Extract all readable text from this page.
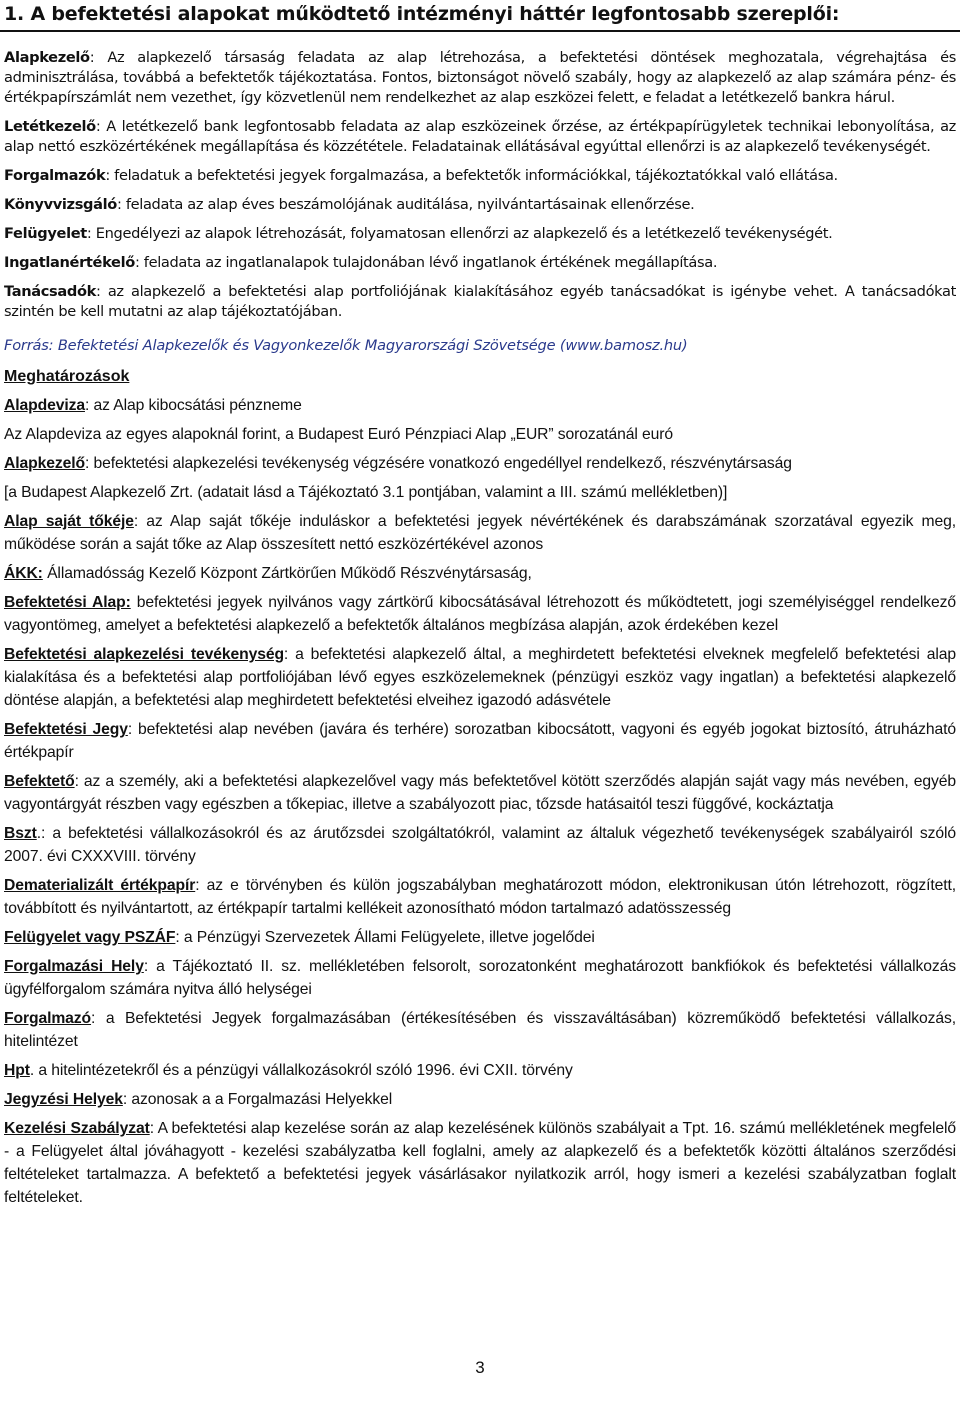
1. A befektetési alapokat működtető intézményi háttér legfontosabb szereplői:

Alapkezelő: Az alapkezelő társaság feladata az alap létrehozása, a befektetési döntések meghozatala, végrehajtása és adminisztrálása, továbbá a befektetők tájékoztatása. Fontos, biztonságot növelő szabály, hogy az alapkezelő az alap számára pénz- és értékpapírszámlát nem vezethet, így közvetlenül nem rendelkezhet az alap eszközei felett, e feladat a letétkezelő bankra hárul.

Letétkezelő: A letétkezelő bank legfontosabb feladata az alap eszközeinek őrzése, az értékpapírügyletek technikai lebonyolítása, az alap nettó eszközértékének megállapítása és közzététele. Feladatainak ellátásával egyúttal ellenőrzi is az alapkezelő tevékenységét.

Forgalmazók: feladatuk a befektetési jegyek forgalmazása, a befektetők információkkal, tájékoztatókkal való ellátása.

Könyvvizsgáló: feladata az alap éves beszámolójának auditálása, nyilvántartásainak ellenőrzése.

Felügyelet: Engedélyezi az alapok létrehozását, folyamatosan ellenőrzi az alapkezelő és a letétkezelő tevékenységét.

Ingatlanértékelő: feladata az ingatlanalapok tulajdonában lévő ingatlanok értékének megállapítása.

Tanácsadók: az alapkezelő a befektetési alap portfoliójának kialakításához egyéb tanácsadókat is igénybe vehet. A tanácsadókat szintén be kell mutatni az alap tájékoztatójában.

Forrás: Befektetési Alapkezelők és Vagyonkezelők Magyarországi Szövetsége (www.bamosz.hu)
Meghatározások

Alapdeviza: az Alap kibocsátási pénzneme

Az Alapdeviza az egyes alapoknál forint, a Budapest Euró Pénzpiaci Alap „EUR” sorozatánál euró

Alapkezelő: befektetési alapkezelési tevékenység végzésére vonatkozó engedéllyel rendelkező, részvénytársaság

[a Budapest Alapkezelő Zrt. (adatait lásd a Tájékoztató 3.1 pontjában, valamint a III. számú mellékletben)]

Alap saját tőkéje: az Alap saját tőkéje induláskor a befektetési jegyek névértékének és darabszámának szorzatával egyezik meg, működése során a saját tőke az Alap összesített nettó eszközértékével azonos

ÁKK: Államadósság Kezelő Központ Zártkörűen Működő Részvénytársaság,

Befektetési Alap: befektetési jegyek nyilvános vagy zártkörű kibocsátásával létrehozott és működtetett, jogi személyiséggel rendelkező vagyontömeg, amelyet a befektetési alapkezelő a befektetők általános megbízása alapján, azok érdekében kezel

Befektetési alapkezelési tevékenység: a befektetési alapkezelő által, a meghirdetett befektetési elveknek megfelelő befektetési alap kialakítása és a befektetési alap portfoliójában lévő egyes eszközelemeknek (pénzügyi eszköz vagy ingatlan) a befektetési alapkezelő döntése alapján, a befektetési alap meghirdetett befektetési elveihez igazodó adásvétele

Befektetési Jegy: befektetési alap nevében (javára és terhére) sorozatban kibocsátott, vagyoni és egyéb jogokat biztosító, átruházható értékpapír

Befektető: az a személy, aki a befektetési alapkezelővel vagy más befektetővel kötött szerződés alapján saját vagy más nevében, egyéb vagyontárgyát részben vagy egészben a tőkepiac, illetve a szabályozott piac, tőzsde hatásaitól teszi függővé, kockáztatja

Bszt.: a befektetési vállalkozásokról és az árutőzsdei szolgáltatókról, valamint az általuk végezhető tevékenységek szabályairól szóló 2007. évi CXXXVIII. törvény

Dematerializált értékpapír: az e törvényben és külön jogszabályban meghatározott módon, elektronikusan útón létrehozott, rögzített, továbbított és nyilvántartott, az értékpapír tartalmi kellékeit azonosítható módon tartalmazó adatösszesség

Felügyelet vagy PSZÁF: a Pénzügyi Szervezetek Állami Felügyelete, illetve jogelődei

Forgalmazási Hely: a Tájékoztató II. sz. mellékletében felsorolt, sorozatonként meghatározott bankfiókok és befektetési vállalkozás ügyfélforgalom számára nyitva álló helységei

Forgalmazó: a Befektetési Jegyek forgalmazásában (értékesítésében és visszaváltásában) közreműködő befektetési vállalkozás, hitelintézet

Hpt. a hitelintézetekről és a pénzügyi vállalkozásokról szóló 1996. évi CXII. törvény

Jegyzési Helyek: azonosak a a Forgalmazási Helyekkel

Kezelési Szabályzat: A befektetési alap kezelése során az alap kezelésének különös szabályait a Tpt. 16. számú mellékletének megfelelő - a Felügyelet által jóváhagyott - kezelési szabályzatba kell foglalni, amely az alapkezelő és a befektetők közötti általános szerződési feltételeket tartalmazza. A befektető a befektetési jegyek vásárlásakor nyilatkozik arról, hogy ismeri a kezelési szabályzatban foglalt feltételeket.

3
